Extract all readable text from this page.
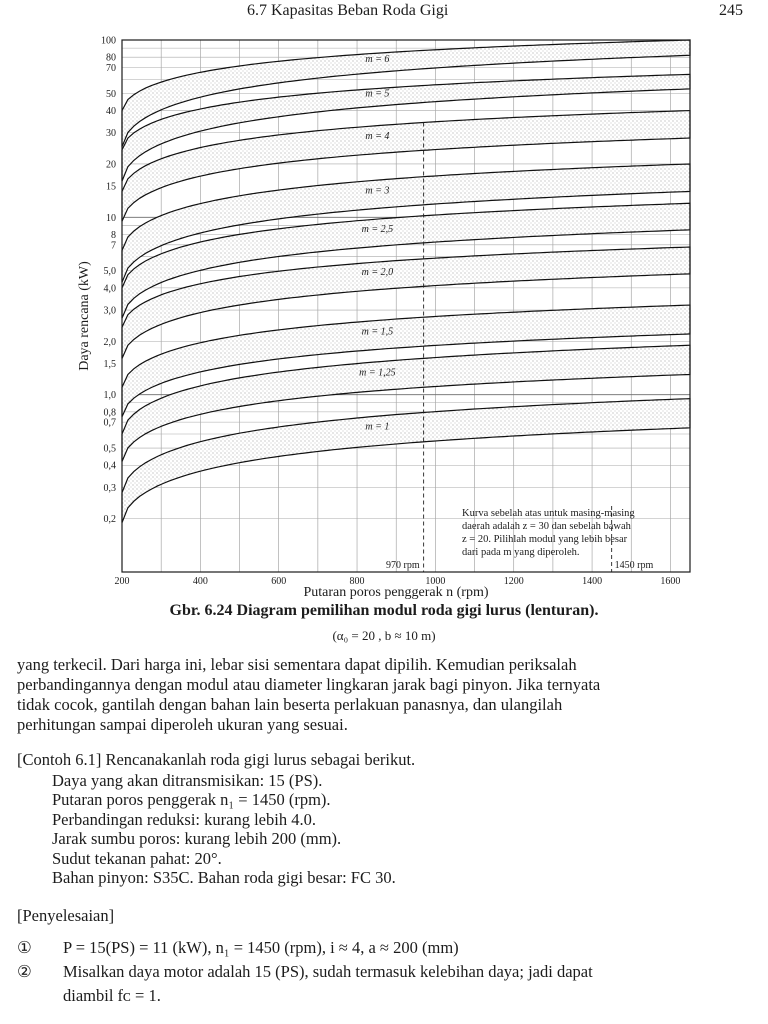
6.7 Kapasitas Beban Roda Gigi	245
m = 6
m = 5
m = 4
m = 3
m = 2,5
m = 2,0
m = 1,5
m = 1,25
m = 1
970 rpm	1450 rpm
200	400	600	800	1000	1200	1400	1600
100
80
70
50
40
30
20
15
10
8
7
5,0
4,0
3,0
2,0
1,5
1,0
0,8
0,7
0,5
0,4
0,3
0,2
Daya rencana (kW)
Putaran poros penggerak n (rpm)
Kurva sebelah atas untuk masing-masing
daerah adalah z = 30 dan sebelah bawah
z = 20. Pilihlah modul yang lebih besar
dari pada m yang diperoleh.
Gbr. 6.24 Diagram pemilihan modul roda gigi lurus (lenturan).
(α₀ = 20 , b ≈ 10 m)
yang terkecil. Dari harga ini, lebar sisi sementara dapat dipilih. Kemudian periksalah
perbandingannya dengan modul atau diameter lingkaran jarak bagi pinyon. Jika ternyata
tidak cocok, gantilah dengan bahan lain beserta perlakuan panasnya, dan ulangilah
perhitungan sampai diperoleh ukuran yang sesuai.
[Contoh 6.1] Rencanakanlah roda gigi lurus sebagai berikut.
Daya yang akan ditransmisikan: 15 (PS).
Putaran poros penggerak n₁ = 1450 (rpm).
Perbandingan reduksi: kurang lebih 4.0.
Jarak sumbu poros: kurang lebih 200 (mm).
Sudut tekanan pahat: 20°.
Bahan pinyon: S35C. Bahan roda gigi besar: FC 30.
[Penyelesaian]
① P = 15(PS) = 11 (kW), n₁ = 1450 (rpm), i ≈ 4, a ≈ 200 (mm)
② Misalkan daya motor adalah 15 (PS), sudah termasuk kelebihan daya; jadi dapat
diambil fᴄ = 1.
